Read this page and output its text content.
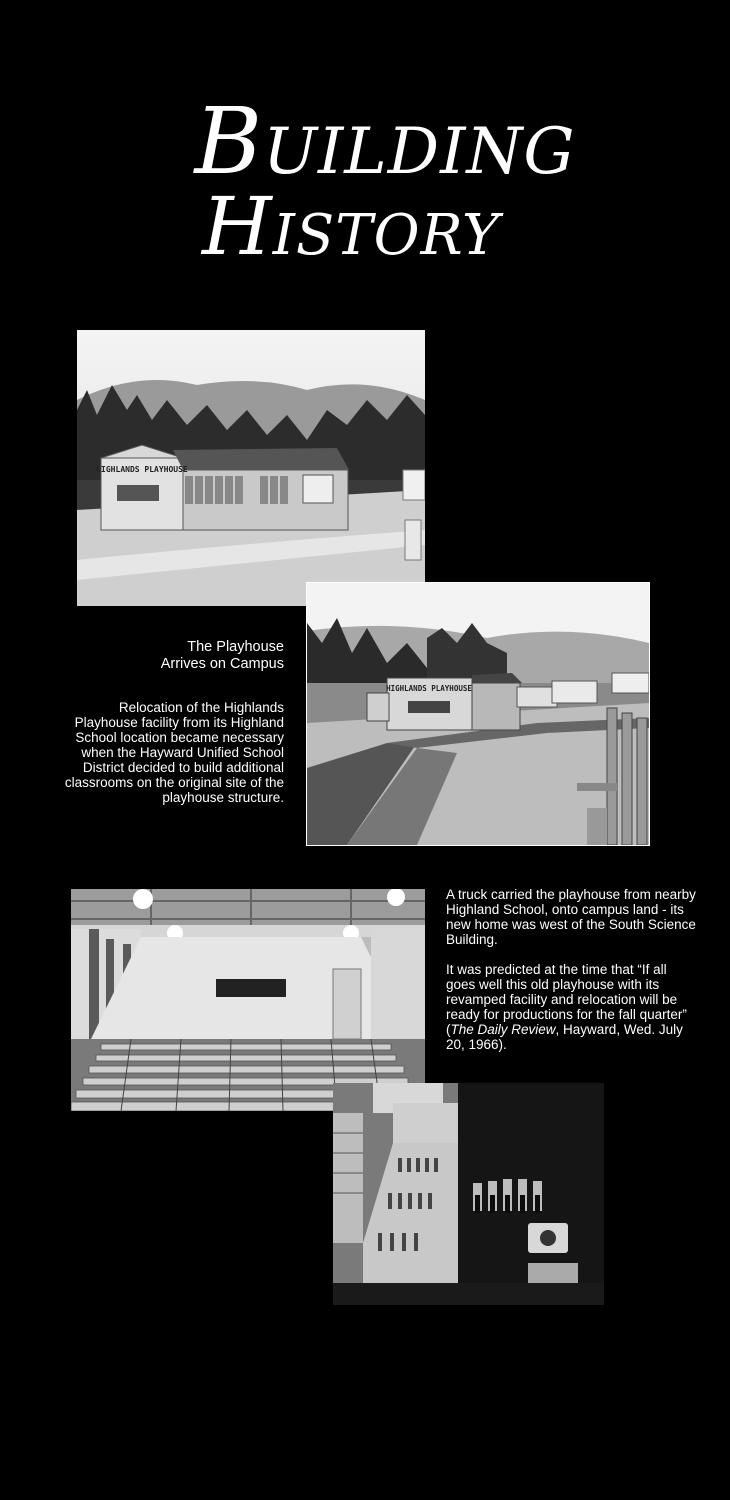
Building
History
HIGHLANDS PLAYHOUSE
HIGHLANDS PLAYHOUSE
The Playhouse
Arrives on Campus
Relocation of the Highlands Playhouse facility from its Highland School location became necessary when the Hayward Unified School District decided to build additional classrooms on the original site of the playhouse structure.

A truck carried the playhouse from nearby Highland School, onto campus land - its new home was west of the South Science Building.

It was predicted at the time that “If all goes well this old playhouse with its revamped facility and relocation will be ready for productions for the fall quarter” (The Daily Review, Hayward, Wed. July 20, 1966).
